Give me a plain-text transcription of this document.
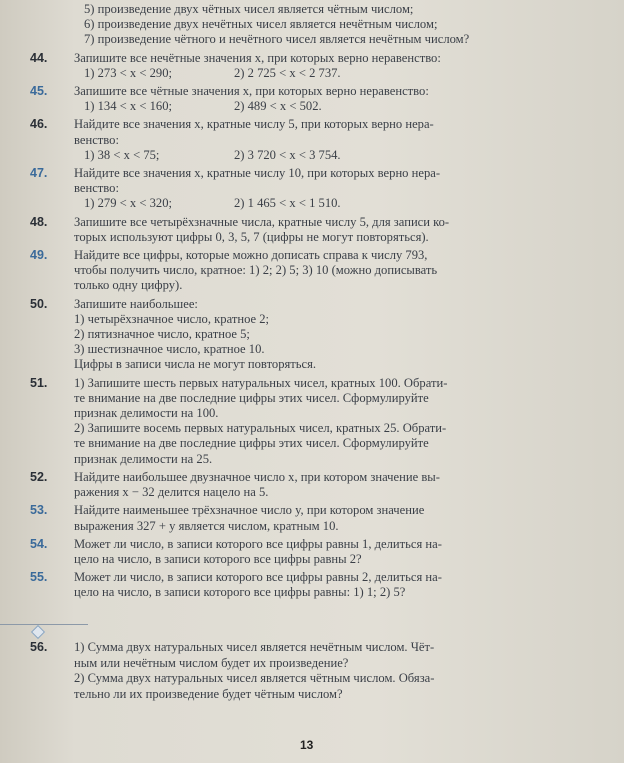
5) произведение двух чётных чисел является чётным числом;
6) произведение двух нечётных чисел является нечётным числом;
7) произведение чётного и нечётного чисел является нечётным числом?
44. Запишите все нечётные значения x, при которых верно неравенство:
1) 273 < x < 290;	2) 2 725 < x < 2 737.
45. Запишите все чётные значения x, при которых верно неравенство:
1) 134 < x < 160;	2) 489 < x < 502.
46. Найдите все значения x, кратные числу 5, при которых верно нера-
венство:
1) 38 < x < 75;	2) 3 720 < x < 3 754.
47. Найдите все значения x, кратные числу 10, при которых верно нера-
венство:
1) 279 < x < 320;	2) 1 465 < x < 1 510.
48. Запишите все четырёхзначные числа, кратные числу 5, для записи ко-
торых используют цифры 0, 3, 5, 7 (цифры не могут повторяться).
49. Найдите все цифры, которые можно дописать справа к числу 793,
чтобы получить число, кратное: 1) 2; 2) 5; 3) 10 (можно дописывать
только одну цифру).
50. Запишите наибольшее:
1) четырёхзначное число, кратное 2;
2) пятизначное число, кратное 5;
3) шестизначное число, кратное 10.
Цифры в записи числа не могут повторяться.
51. 1) Запишите шесть первых натуральных чисел, кратных 100. Обрати-
те внимание на две последние цифры этих чисел. Сформулируйте
признак делимости на 100.
2) Запишите восемь первых натуральных чисел, кратных 25. Обрати-
те внимание на две последние цифры этих чисел. Сформулируйте
признак делимости на 25.
52. Найдите наибольшее двузначное число x, при котором значение вы-
ражения x − 32 делится нацело на 5.
53. Найдите наименьшее трёхзначное число y, при котором значение
выражения 327 + y является числом, кратным 10.
54. Может ли число, в записи которого все цифры равны 1, делиться на-
цело на число, в записи которого все цифры равны 2?
55. Может ли число, в записи которого все цифры равны 2, делиться на-
цело на число, в записи которого все цифры равны: 1) 1; 2) 5?
56. 1) Сумма двух натуральных чисел является нечётным числом. Чёт-
ным или нечётным числом будет их произведение?
2) Сумма двух натуральных чисел является чётным числом. Обяза-
тельно ли их произведение будет чётным числом?
13
